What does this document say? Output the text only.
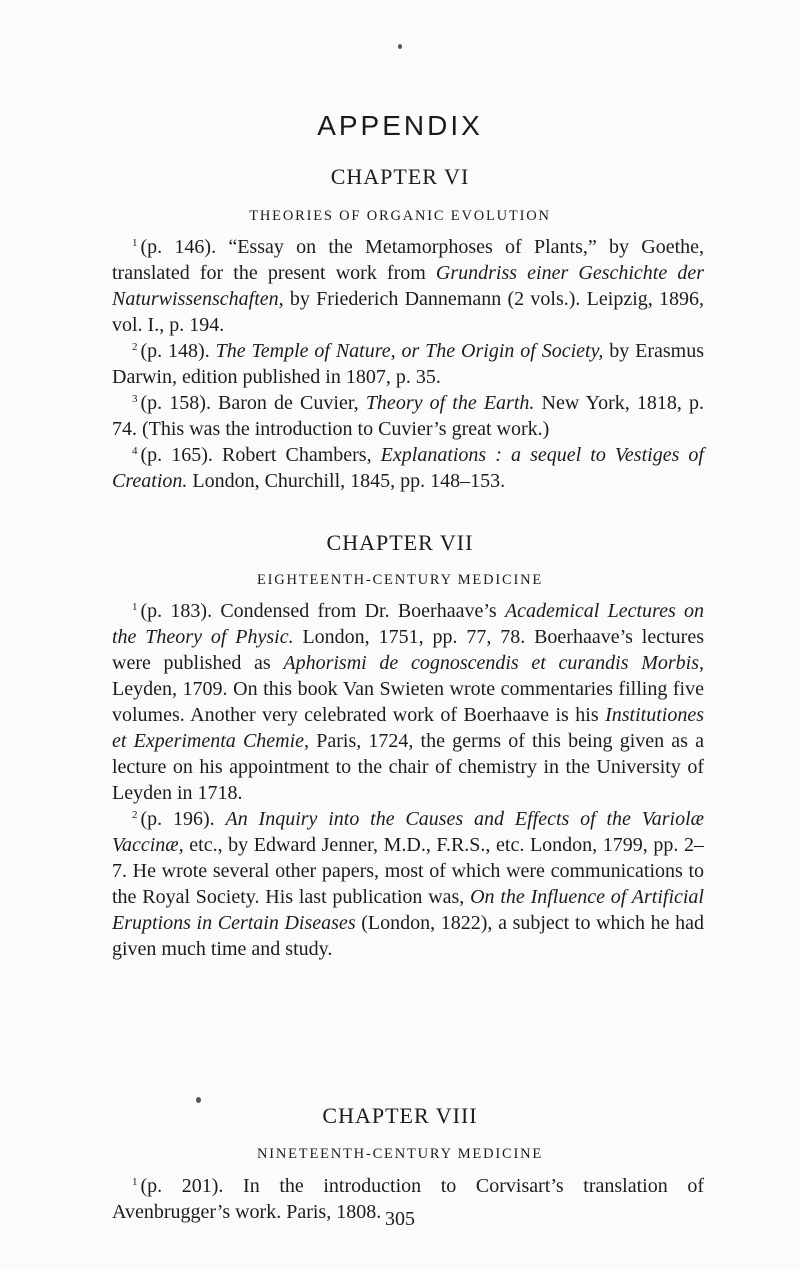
APPENDIX
CHAPTER VI
THEORIES OF ORGANIC EVOLUTION

$^1$ (p. 146). “Essay on the Metamorphoses of Plants,” by Goethe, translated for the present work from Grundriss einer Geschichte der Naturwissenschaften, by Friederich Dannemann (2 vols.). Leipzig, 1896, vol. I., p. 194.

$^2$ (p. 148). The Temple of Nature, or The Origin of Society, by Erasmus Darwin, edition published in 1807, p. 35.

$^3$ (p. 158). Baron de Cuvier, Theory of the Earth. New York, 1818, p. 74. (This was the introduction to Cuvier’s great work.)

$^4$ (p. 165). Robert Chambers, Explanations : a sequel to Vestiges of Creation. London, Churchill, 1845, pp. 148–153.

CHAPTER VII
EIGHTEENTH-CENTURY MEDICINE

$^1$ (p. 183). Condensed from Dr. Boerhaave’s Academical Lectures on the Theory of Physic. London, 1751, pp. 77, 78. Boerhaave’s lectures were published as Aphorismi de cognoscendis et curandis Morbis, Leyden, 1709. On this book Van Swieten wrote commentaries filling five volumes. Another very celebrated work of Boerhaave is his Institutiones et Experimenta Chemie, Paris, 1724, the germs of this being given as a lecture on his appointment to the chair of chemistry in the University of Leyden in 1718.

$^2$ (p. 196). An Inquiry into the Causes and Effects of the Variolæ Vaccinæ, etc., by Edward Jenner, M.D., F.R.S., etc. London, 1799, pp. 2–7. He wrote several other papers, most of which were communications to the Royal Society. His last publication was, On the Influence of Artificial Eruptions in Certain Diseases (London, 1822), a subject to which he had given much time and study.

CHAPTER VIII
NINETEENTH-CENTURY MEDICINE

$^1$ (p. 201). In the introduction to Corvisart’s translation of Avenbrugger’s work. Paris, 1808. 305
